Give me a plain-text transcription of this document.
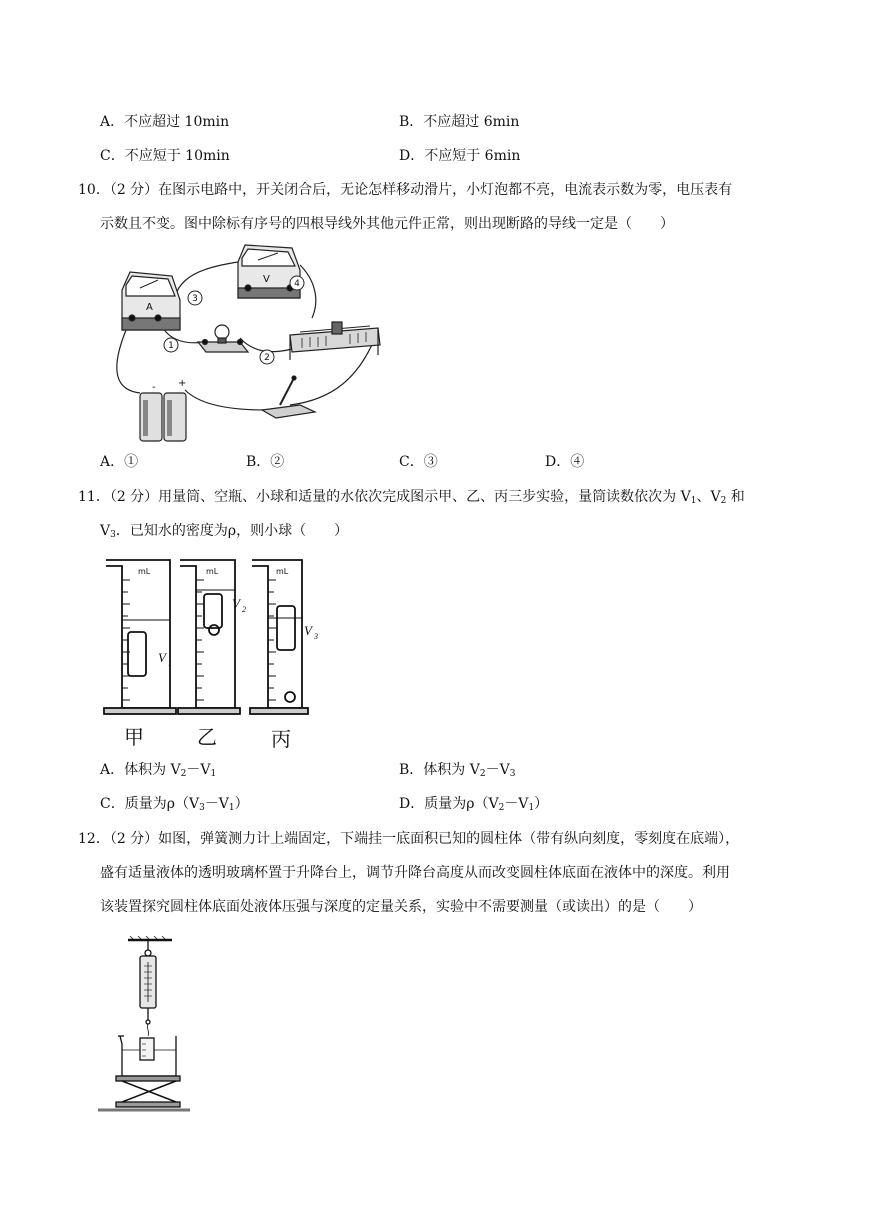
A．不应超过 10min	B．不应超过 6min
C．不应短于 10min	D．不应短于 6min
10．（2 分）在图示电路中，开关闭合后，无论怎样移动滑片，小灯泡都不亮，电流表示数为零，电压表有
示数且不变。图中除标有序号的四根导线外其他元件正常，则出现断路的导线一定是（　　）
A
V
- +
1
3
2
4
A．①	B．②	C．③	D．④
11．（2 分）用量筒、空瓶、小球和适量的水依次完成图示甲、乙、丙三步实验，量筒读数依次为 $V_1$、$V_2$ 和
$V_3$．已知水的密度为ρ，则小球（　　）
mL	mL	mL
V 1
V 2
V 3
甲	乙	丙
A．体积为 $V_2-V_1$	B．体积为 $V_2-V_3$
C．质量为$\rho(V_3-V_1)$	D．质量为$\rho(V_2-V_1)$
12．（2 分）如图，弹簧测力计上端固定，下端挂一底面积已知的圆柱体（带有纵向刻度，零刻度在底端），
盛有适量液体的透明玻璃杯置于升降台上，调节升降台高度从而改变圆柱体底面在液体中的深度。利用
该装置探究圆柱体底面处液体压强与深度的定量关系，实验中不需要测量（或读出）的是（　　）
